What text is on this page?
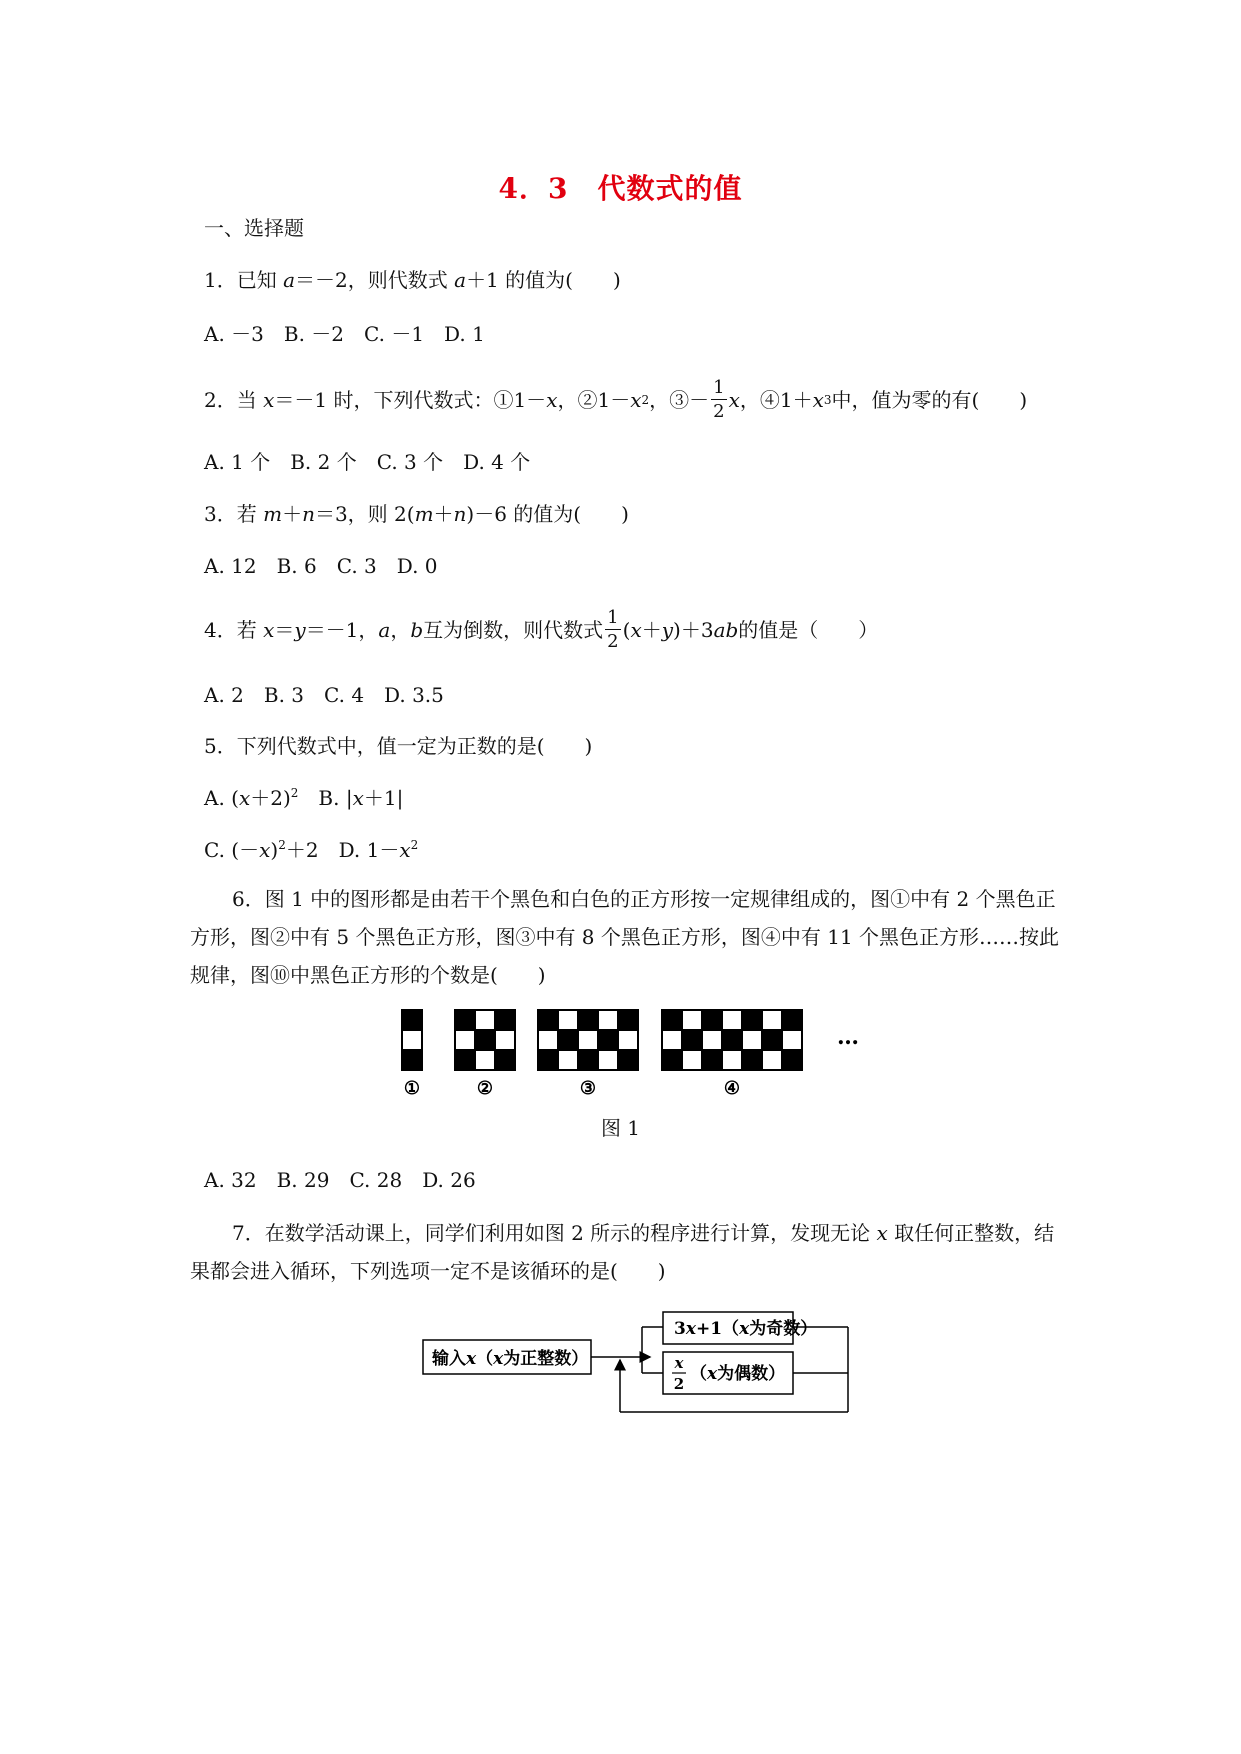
4．3　代数式的值
一、选择题
1．已知 a＝－2，则代数式 a＋1 的值为(　　)
A. －3　B. －2　C. －1　D. 1
2． 当
x ＝－1 时，下列代数式：①1－ x ，②1－ x 2 ，③－ $\frac{1}{2}$ x ，④1＋ x 3 中，值为零的有(　　)
A. 1 个　B. 2 个　C. 3 个　D. 4 个
3．若 m＋n＝3，则 2(m＋n)－6 的值为(　　)
A. 12　B. 6　C. 3　D. 0
4． 若
x ＝ y ＝－1， a ， b 互为倒数，则代数式 $\frac{1}{2}$ ( x ＋ y )＋3 ab 的值是（　　）
A. 2　B. 3　C. 4　D. 3.5
5．下列代数式中，值一定为正数的是(　　)
A. $(x+2)^2$　B. |x＋1|
C. $(-x)^2+2$　D. $1-x^2$
6．图 1 中的图形都是由若干个黑色和白色的正方形按一定规律组成的，图①中有 2 个黑色正方形，图②中有 5 个黑色正方形，图③中有 8 个黑色正方形，图④中有 11 个黑色正方形……按此规律，图⑩中黑色正方形的个数是(　　)
…
①	②	③	④
图 1
A. 32　B. 29　C. 28　D. 26
7．在数学活动课上，同学们利用如图 2 所示的程序进行计算，发现无论 x 取任何正整数，结果都会进入循环，下列选项一定不是该循环的是(　　)
输入x（x为正整数）
3x+1（x为奇数）
x
2 （x为偶数）
